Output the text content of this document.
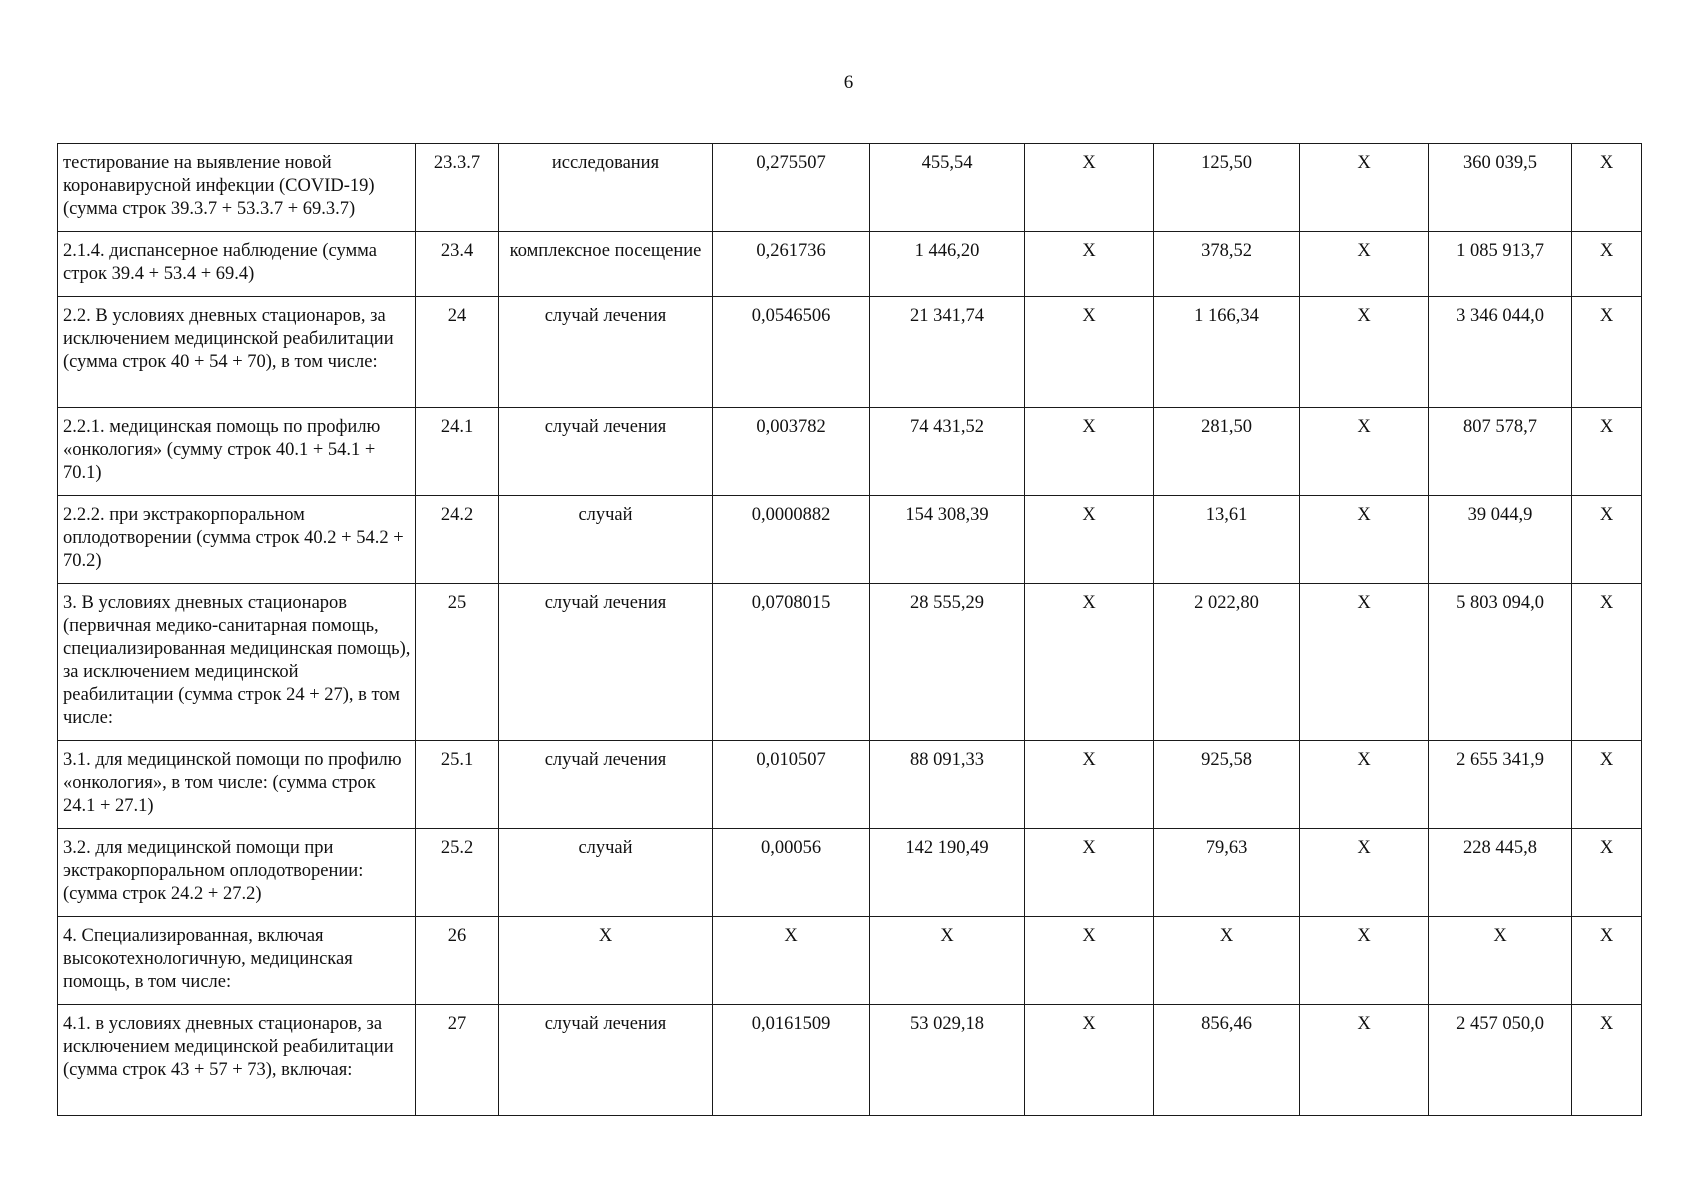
6
тестирование на выявление новой коронавирусной инфекции (COVID-19) (сумма строк 39.3.7 + 53.3.7 + 69.3.7)	23.3.7	исследования	0,275507	455,54	X	125,50	X	360 039,5	X
2.1.4. диспансерное наблюдение (сумма строк 39.4 + 53.4 + 69.4)	23.4	комплексное посещение	0,261736	1 446,20	X	378,52	X	1 085 913,7	X
2.2. В условиях дневных стационаров, за исключением медицинской реабилитации (сумма строк 40 + 54 + 70), в том числе:	24	случай лечения	0,0546506	21 341,74	X	1 166,34	X	3 346 044,0	X
2.2.1. медицинская помощь по профилю «онкология» (сумму строк 40.1 + 54.1 + 70.1)	24.1	случай лечения	0,003782	74 431,52	X	281,50	X	807 578,7	X
2.2.2. при экстракорпоральном оплодотворении (сумма строк 40.2 + 54.2 + 70.2)	24.2	случай	0,0000882	154 308,39	X	13,61	X	39 044,9	X
3. В условиях дневных стационаров (первичная медико-санитарная помощь, специализированная медицинская помощь), за исключением медицинской реабилитации (сумма строк 24 + 27), в том числе:	25	случай лечения	0,0708015	28 555,29	X	2 022,80	X	5 803 094,0	X
3.1. для медицинской помощи по профилю «онкология», в том числе: (сумма строк 24.1 + 27.1)	25.1	случай лечения	0,010507	88 091,33	X	925,58	X	2 655 341,9	X
3.2. для медицинской помощи при экстракорпоральном оплодотворении: (сумма строк 24.2 + 27.2)	25.2	случай	0,00056	142 190,49	X	79,63	X	228 445,8	X
4. Специализированная, включая высокотехнологичную, медицинская помощь, в том числе:	26	X	X	X	X	X	X	X	X
4.1. в условиях дневных стационаров, за исключением медицинской реабилитации (сумма строк 43 + 57 + 73), включая:	27	случай лечения	0,0161509	53 029,18	X	856,46	X	2 457 050,0	X
